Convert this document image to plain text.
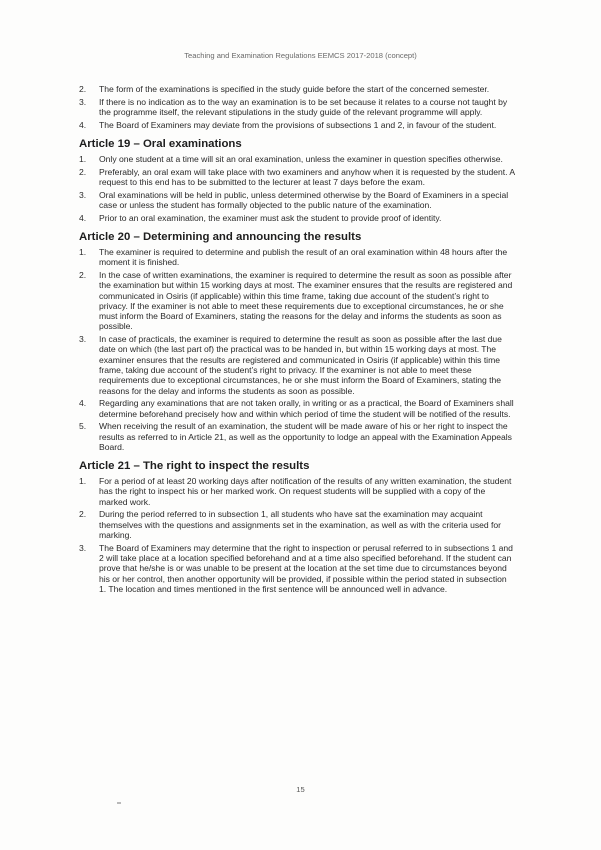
Teaching and Examination Regulations EEMCS 2017-2018 (concept)
2. The form of the examinations is specified in the study guide before the start of the concerned semester.
3. If there is no indication as to the way an examination is to be set because it relates to a course not taught by the programme itself, the relevant stipulations in the study guide of the relevant programme will apply.
4. The Board of Examiners may deviate from the provisions of subsections 1 and 2, in favour of the student.
Article 19 – Oral examinations
1. Only one student at a time will sit an oral examination, unless the examiner in question specifies otherwise.
2. Preferably, an oral exam will take place with two examiners and anyhow when it is requested by the student. A request to this end has to be submitted to the lecturer at least 7 days before the exam.
3. Oral examinations will be held in public, unless determined otherwise by the Board of Examiners in a special case or unless the student has formally objected to the public nature of the examination.
4. Prior to an oral examination, the examiner must ask the student to provide proof of identity.
Article 20 – Determining and announcing the results
1. The examiner is required to determine and publish the result of an oral examination within 48 hours after the moment it is finished.
2. In the case of written examinations, the examiner is required to determine the result as soon as possible after the examination but within 15 working days at most. The examiner ensures that the results are registered and communicated in Osiris (if applicable) within this time frame, taking due account of the student’s right to privacy. If the examiner is not able to meet these requirements due to exceptional circumstances, he or she must inform the Board of Examiners, stating the reasons for the delay and informs the students as soon as possible.
3. In case of practicals, the examiner is required to determine the result as soon as possible after the last due date on which (the last part of) the practical was to be handed in, but within 15 working days at most. The examiner ensures that the results are registered and communicated in Osiris (if applicable) within this time frame, taking due account of the student’s right to privacy. If the examiner is not able to meet these requirements due to exceptional circumstances, he or she must inform the Board of Examiners, stating the reasons for the delay and informs the students as soon as possible.
4. Regarding any examinations that are not taken orally, in writing or as a practical, the Board of Examiners shall determine beforehand precisely how and within which period of time the student will be notified of the results.
5. When receiving the result of an examination, the student will be made aware of his or her right to inspect the results as referred to in Article 21, as well as the opportunity to lodge an appeal with the Examination Appeals Board.
Article 21 – The right to inspect the results
1. For a period of at least 20 working days after notification of the results of any written examination, the student has the right to inspect his or her marked work. On request students will be supplied with a copy of the marked work.
2. During the period referred to in subsection 1, all students who have sat the examination may acquaint themselves with the questions and assignments set in the examination, as well as with the criteria used for marking.
3. The Board of Examiners may determine that the right to inspection or perusal referred to in subsections 1 and 2 will take place at a location specified beforehand and at a time also specified beforehand. If the student can prove that he/she is or was unable to be present at the location at the set time due to circumstances beyond his or her control, then another opportunity will be provided, if possible within the period stated in subsection 1. The location and times mentioned in the first sentence will be announced well in advance.
15
